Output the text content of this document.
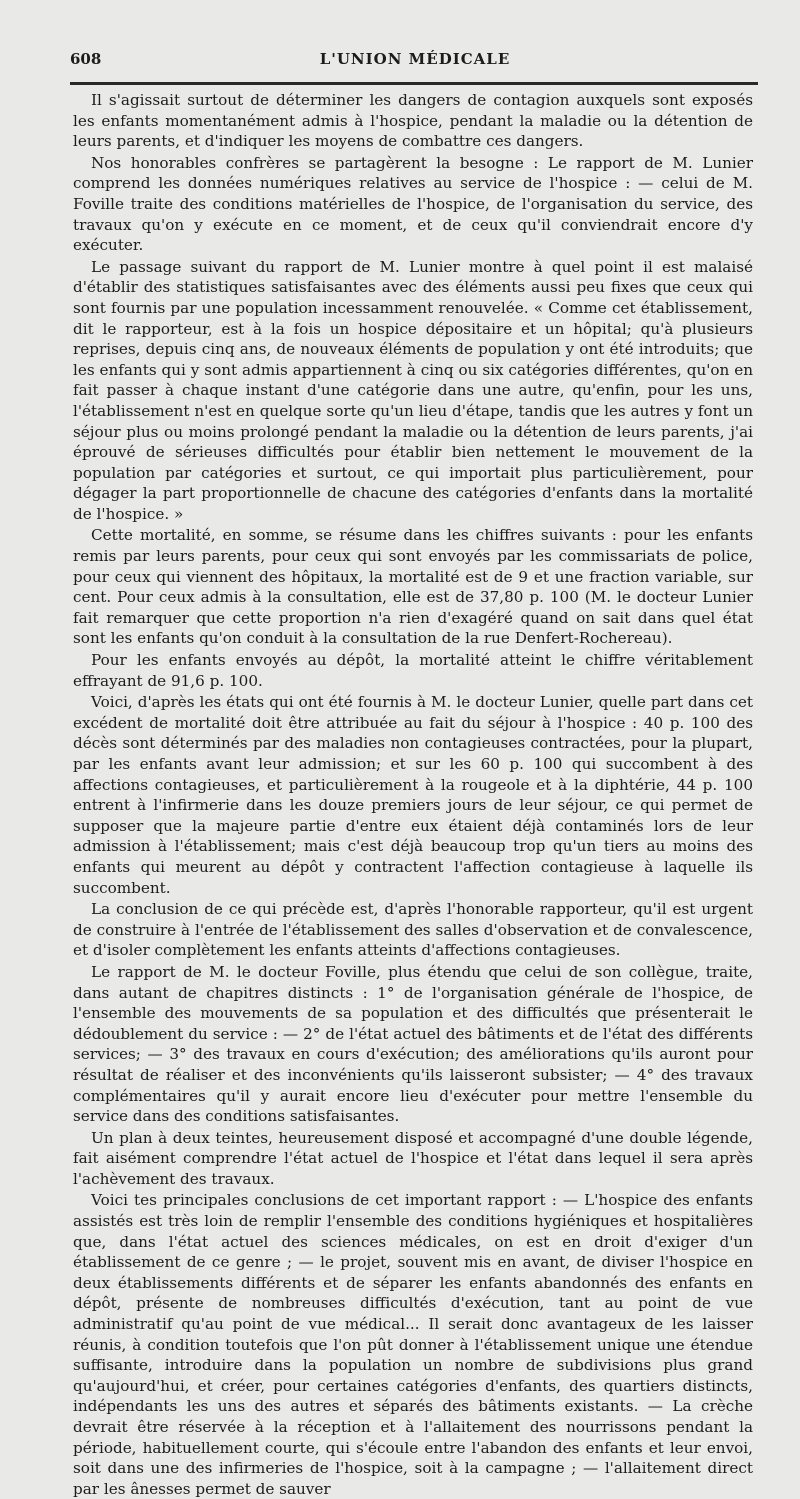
608	L'UNION MÉDICALE

Il s'agissait surtout de déterminer les dangers de contagion auxquels sont exposés les enfants momentanément admis à l'hospice, pendant la maladie ou la détention de leurs parents, et d'indiquer les moyens de combattre ces dangers.

Nos honorables confrères se partagèrent la besogne : Le rapport de M. Lunier comprend les données numériques relatives au service de l'hospice : — celui de M. Foville traite des conditions matérielles de l'hospice, de l'organisation du service, des travaux qu'on y exécute en ce moment, et de ceux qu'il conviendrait encore d'y exécuter.

Le passage suivant du rapport de M. Lunier montre à quel point il est malaisé d'établir des statistiques satisfaisantes avec des éléments aussi peu fixes que ceux qui sont fournis par une population incessamment renouvelée. « Comme cet établissement, dit le rapporteur, est à la fois un hospice dépositaire et un hôpital; qu'à plusieurs reprises, depuis cinq ans, de nouveaux éléments de population y ont été introduits; que les enfants qui y sont admis appartiennent à cinq ou six catégories différentes, qu'on en fait passer à chaque instant d'une catégorie dans une autre, qu'enfin, pour les uns, l'établissement n'est en quelque sorte qu'un lieu d'étape, tandis que les autres y font un séjour plus ou moins prolongé pendant la maladie ou la détention de leurs parents, j'ai éprouvé de sérieuses difficultés pour établir bien nettement le mouvement de la population par catégories et surtout, ce qui importait plus particulièrement, pour dégager la part proportionnelle de chacune des catégories d'enfants dans la mortalité de l'hospice. »

Cette mortalité, en somme, se résume dans les chiffres suivants : pour les enfants remis par leurs parents, pour ceux qui sont envoyés par les commissariats de police, pour ceux qui viennent des hôpitaux, la mortalité est de 9 et une fraction variable, sur cent. Pour ceux admis à la consultation, elle est de 37,80 p. 100 (M. le docteur Lunier fait remarquer que cette proportion n'a rien d'exagéré quand on sait dans quel état sont les enfants qu'on conduit à la consultation de la rue Denfert-Rochereau).

Pour les enfants envoyés au dépôt, la mortalité atteint le chiffre véritablement effrayant de 91,6 p. 100.

Voici, d'après les états qui ont été fournis à M. le docteur Lunier, quelle part dans cet excédent de mortalité doit être attribuée au fait du séjour à l'hospice : 40 p. 100 des décès sont déterminés par des maladies non contagieuses contractées, pour la plupart, par les enfants avant leur admission; et sur les 60 p. 100 qui succombent à des affections contagieuses, et particulièrement à la rougeole et à la diphtérie, 44 p. 100 entrent à l'infirmerie dans les douze premiers jours de leur séjour, ce qui permet de supposer que la majeure partie d'entre eux étaient déjà contaminés lors de leur admission à l'établissement; mais c'est déjà beaucoup trop qu'un tiers au moins des enfants qui meurent au dépôt y contractent l'affection contagieuse à laquelle ils succombent.

La conclusion de ce qui précède est, d'après l'honorable rapporteur, qu'il est urgent de construire à l'entrée de l'établissement des salles d'observation et de convalescence, et d'isoler complètement les enfants atteints d'affections contagieuses.

Le rapport de M. le docteur Foville, plus étendu que celui de son collègue, traite, dans autant de chapitres distincts : 1° de l'organisation générale de l'hospice, de l'ensemble des mouvements de sa population et des difficultés que présenterait le dédoublement du service : — 2° de l'état actuel des bâtiments et de l'état des différents services; — 3° des travaux en cours d'exécution; des améliorations qu'ils auront pour résultat de réaliser et des inconvénients qu'ils laisseront subsister; — 4° des travaux complémentaires qu'il y aurait encore lieu d'exécuter pour mettre l'ensemble du service dans des conditions satisfaisantes.

Un plan à deux teintes, heureusement disposé et accompagné d'une double légende, fait aisément comprendre l'état actuel de l'hospice et l'état dans lequel il sera après l'achèvement des travaux.

Voici tes principales conclusions de cet important rapport : — L'hospice des enfants assistés est très loin de remplir l'ensemble des conditions hygiéniques et hospitalières que, dans l'état actuel des sciences médicales, on est en droit d'exiger d'un établissement de ce genre ; — le projet, souvent mis en avant, de diviser l'hospice en deux établissements différents et de séparer les enfants abandonnés des enfants en dépôt, présente de nombreuses difficultés d'exécution, tant au point de vue administratif qu'au point de vue médical... Il serait donc avantageux de les laisser réunis, à condition toutefois que l'on pût donner à l'établissement unique une étendue suffisante, introduire dans la population un nombre de subdivisions plus grand qu'aujourd'hui, et créer, pour certaines catégories d'enfants, des quartiers distincts, indépendants les uns des autres et séparés des bâtiments existants. — La crèche devrait être réservée à la réception et à l'allaitement des nourrissons pendant la période, habituellement courte, qui s'écoule entre l'abandon des enfants et leur envoi, soit dans une des infirmeries de l'hospice, soit à la campagne ; — l'allaitement direct par les ânesses permet de sauver
